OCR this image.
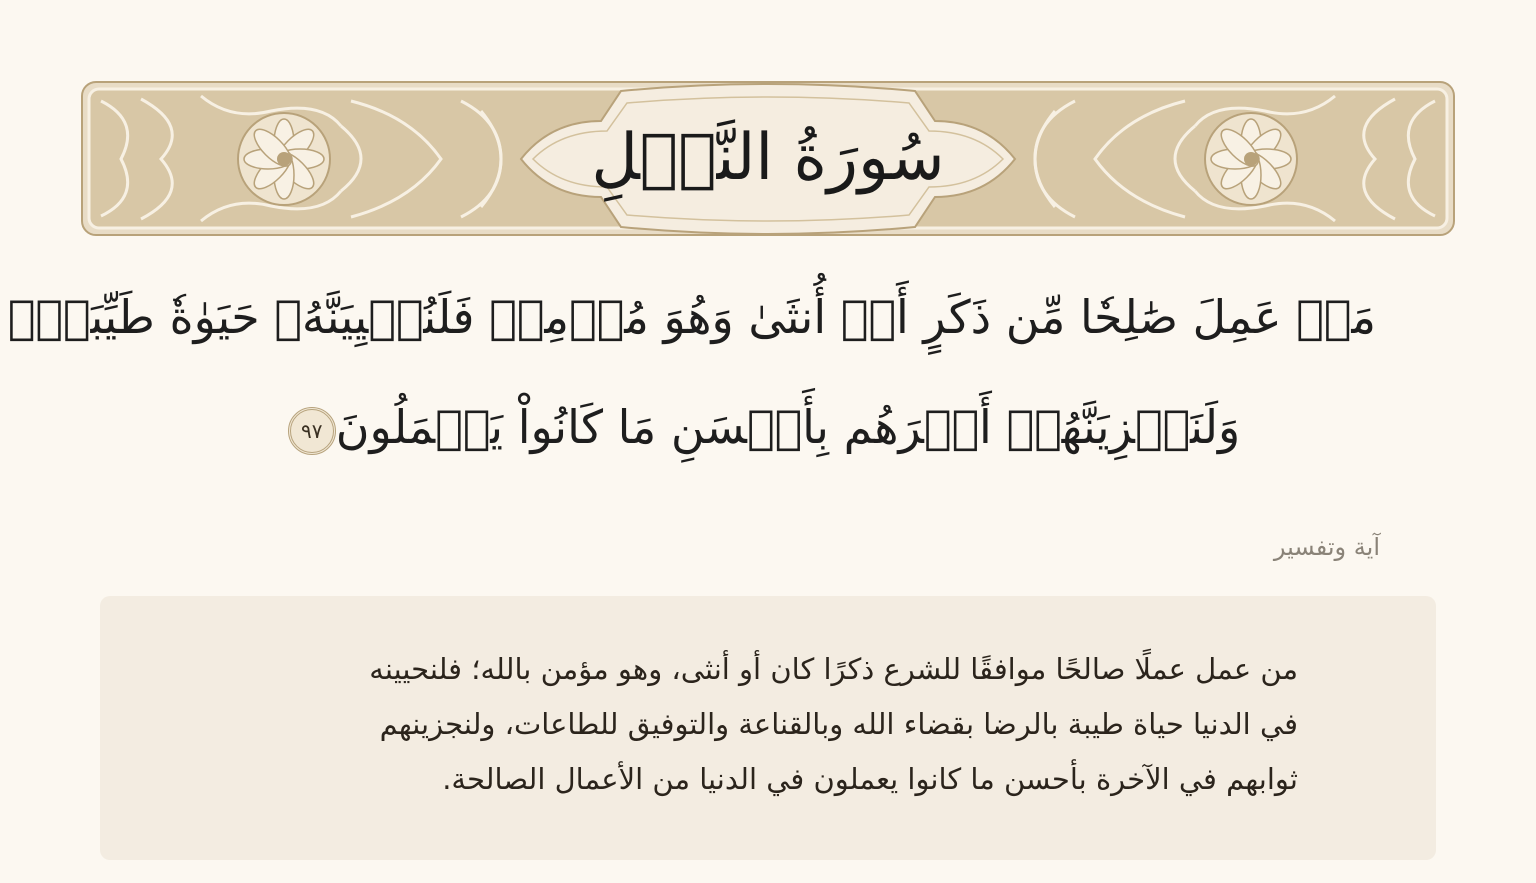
سُورَةُ النَّحۡلِ
مَنۡ عَمِلَ صَٰلِحٗا مِّن ذَكَرٍ أَوۡ أُنثَىٰ وَهُوَ مُؤۡمِنٞ فَلَنُحۡيِيَنَّهُۥ حَيَوٰةٗ طَيِّبَةٗۖ
وَلَنَجۡزِيَنَّهُمۡ أَجۡرَهُم بِأَحۡسَنِ مَا كَانُواْ يَعۡمَلُونَ٩٧
آية وتفسير
من عمل عملًا صالحًا موافقًا للشرع ذكرًا كان أو أنثى، وهو مؤمن بالله؛ فلنحيينه
في الدنيا حياة طيبة بالرضا بقضاء الله وبالقناعة والتوفيق للطاعات، ولنجزينهم
ثوابهم في الآخرة بأحسن ما كانوا يعملون في الدنيا من الأعمال الصالحة.
